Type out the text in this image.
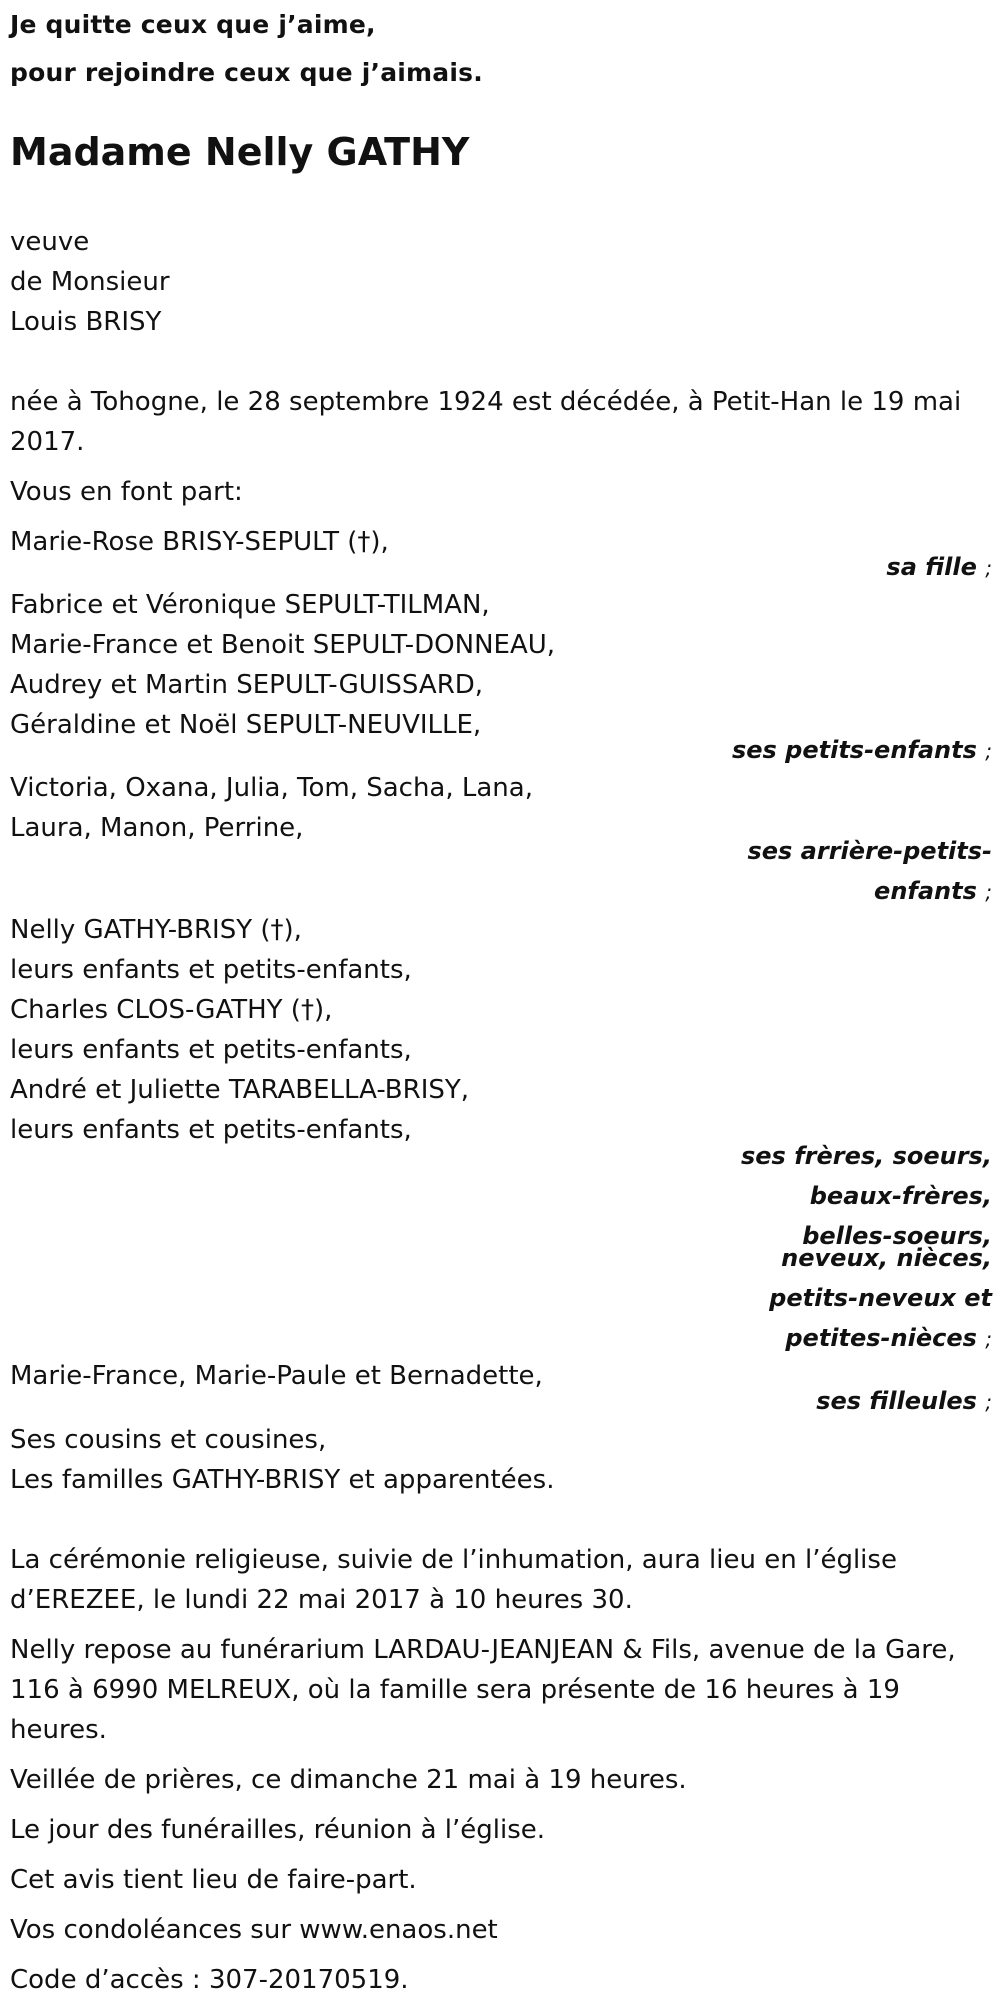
Je quitte ceux que j’aime,
pour rejoindre ceux que j’aimais.
Madame Nelly GATHY
veuve
de Monsieur
Louis BRISY
née à Tohogne, le 28 septembre 1924 est décédée, à Petit-Han le 19 mai
2017.
Vous en font part:
Marie-Rose BRISY-SEPULT (†),
sa fille ;
Fabrice et Véronique SEPULT-TILMAN,
Marie-France et Benoit SEPULT-DONNEAU,
Audrey et Martin SEPULT-GUISSARD,
Géraldine et Noël SEPULT-NEUVILLE,
ses petits-enfants ;
Victoria, Oxana, Julia, Tom, Sacha, Lana,
Laura, Manon, Perrine,
ses arrière-petits-
enfants ;
Nelly GATHY-BRISY (†),
leurs enfants et petits-enfants,
Charles CLOS-GATHY (†),
leurs enfants et petits-enfants,
André et Juliette TARABELLA-BRISY,
leurs enfants et petits-enfants,
ses frères, soeurs,
beaux-frères,
belles-soeurs,
neveux, nièces,
petits-neveux et
petites-nièces ;
Marie-France, Marie-Paule et Bernadette,
ses filleules ;
Ses cousins et cousines,
Les familles GATHY-BRISY et apparentées.
La cérémonie religieuse, suivie de l’inhumation, aura lieu en l’église
d’EREZEE, le lundi 22 mai 2017 à 10 heures 30.
Nelly repose au funérarium LARDAU-JEANJEAN & Fils, avenue de la Gare,
116 à 6990 MELREUX, où la famille sera présente de 16 heures à 19
heures.
Veillée de prières, ce dimanche 21 mai à 19 heures.
Le jour des funérailles, réunion à l’église.
Cet avis tient lieu de faire-part.
Vos condoléances sur www.enaos.net
Code d’accès : 307-20170519.
